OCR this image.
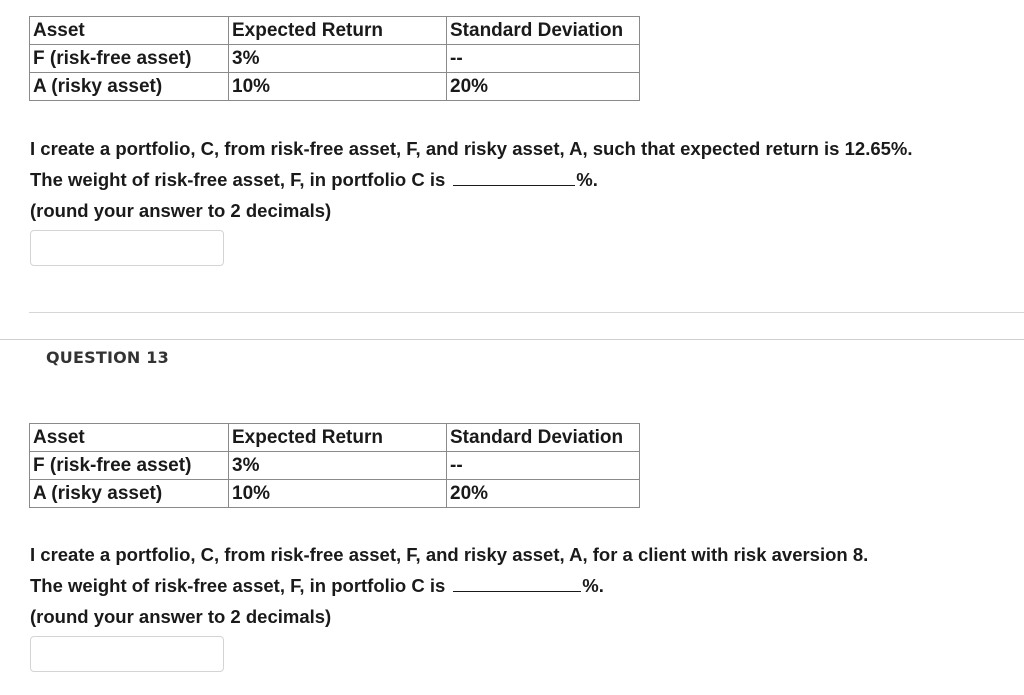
Asset	Expected Return	Standard Deviation
F (risk-free asset)	3%	--
A (risky asset)	10%	20%

I create a portfolio, C, from risk-free asset, F, and risky asset, A, such that expected return is 12.65%.

The weight of risk-free asset, F, in portfolio C is	%.

(round your answer to 2 decimals)

QUESTION 13
Asset	Expected Return	Standard Deviation
F (risk-free asset)	3%	--
A (risky asset)	10%	20%

I create a portfolio, C, from risk-free asset, F, and risky asset, A, for a client with risk aversion 8.

The weight of risk-free asset, F, in portfolio C is	%.

(round your answer to 2 decimals)
